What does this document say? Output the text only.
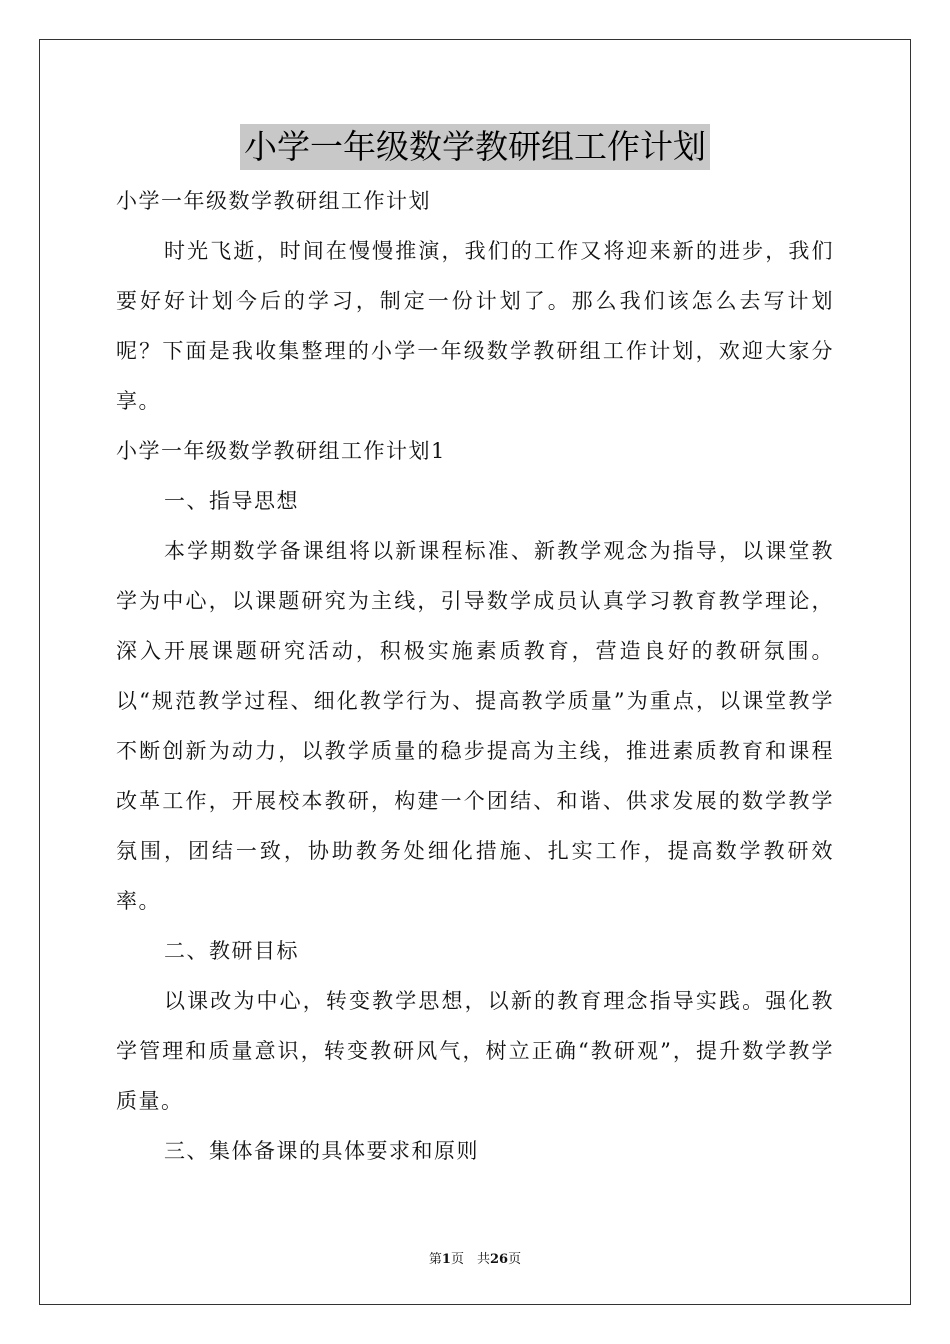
小学一年级数学教研组工作计划

小学一年级数学教研组工作计划

时光飞逝，时间在慢慢推演，我们的工作又将迎来新的进步，我们要好好计划今后的学习，制定一份计划了。那么我们该怎么去写计划呢？下面是我收集整理的小学一年级数学教研组工作计划，欢迎大家分享。

小学一年级数学教研组工作计划1

一、指导思想

本学期数学备课组将以新课程标准、新教学观念为指导，以课堂教学为中心，以课题研究为主线，引导数学成员认真学习教育教学理论，深入开展课题研究活动，积极实施素质教育，营造良好的教研氛围。以“规范教学过程、细化教学行为、提高教学质量”为重点，以课堂教学不断创新为动力，以教学质量的稳步提高为主线，推进素质教育和课程改革工作，开展校本教研，构建一个团结、和谐、供求发展的数学教学氛围，团结一致，协助教务处细化措施、扎实工作，提高数学教研效率。

二、教研目标

以课改为中心，转变教学思想，以新的教育理念指导实践。强化教学管理和质量意识，转变教研风气，树立正确“教研观”，提升数学教学质量。

三、集体备课的具体要求和原则

第1页　共26页
